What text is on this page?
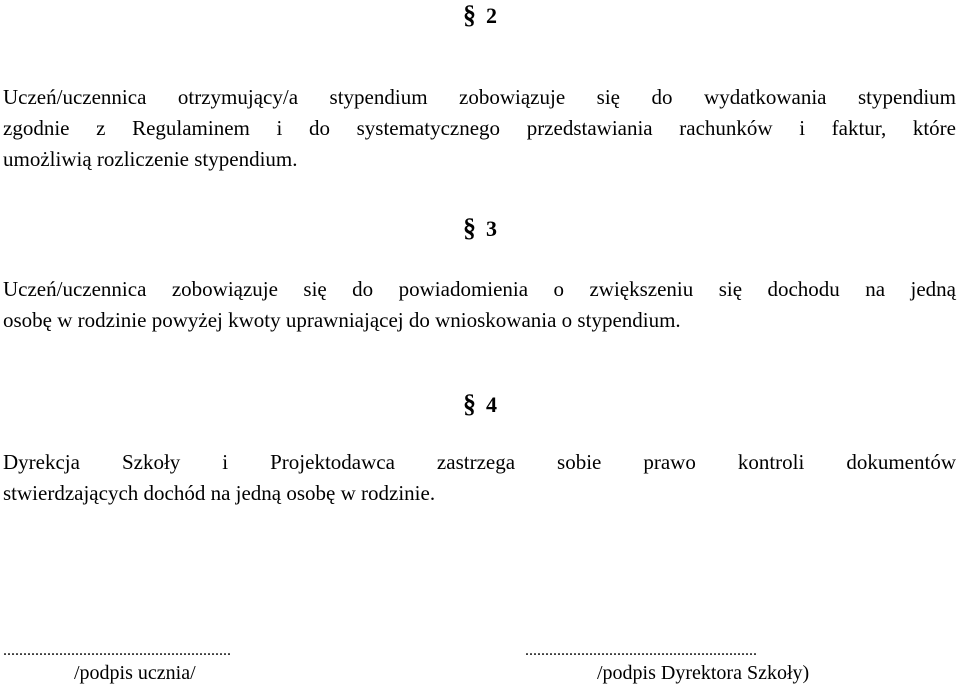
§ 2
Uczeń/uczennica otrzymujący/a stypendium zobowiązuje się do wydatkowania stypendium
zgodnie z Regulaminem i do systematycznego przedstawiania rachunków i faktur, które
umożliwią rozliczenie stypendium.
§ 3
Uczeń/uczennica zobowiązuje się do powiadomienia o zwiększeniu się dochodu na jedną
osobę w rodzinie powyżej kwoty uprawniającej do wnioskowania o stypendium.
§ 4
Dyrekcja Szkoły i Projektodawca zastrzega sobie prawo kontroli dokumentów
stwierdzających dochód na jedną osobę w rodzinie.
.........................................................
/podpis ucznia/
..........................................................
/podpis Dyrektora Szkoły)
